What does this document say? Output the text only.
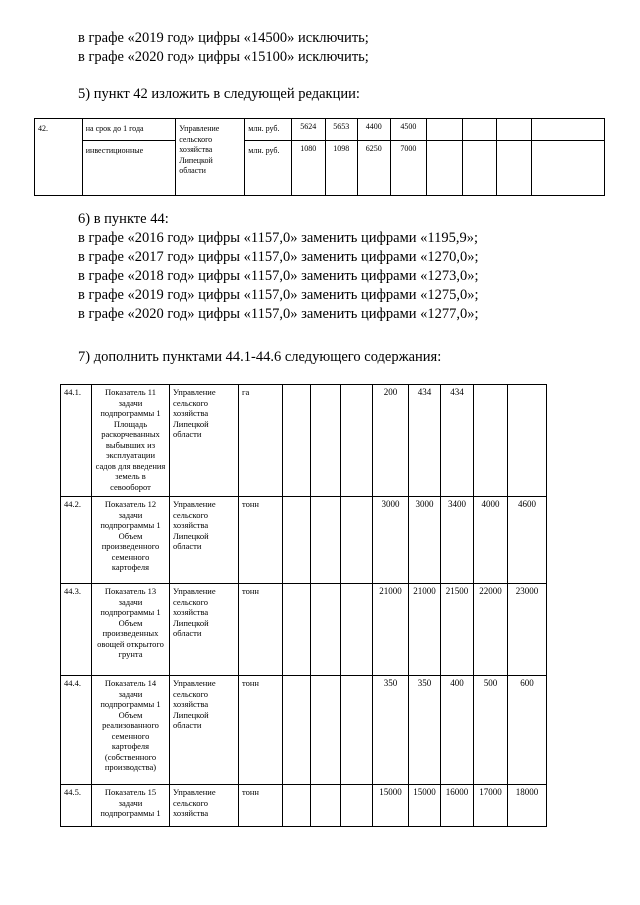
в графе «2019 год» цифры «14500» исключить;
в графе «2020 год» цифры «15100» исключить;
5) пункт 42 изложить в следующей редакции:
42.	на срок до 1 года	Управление сельского хозяйства Липецкой области	млн. руб.	5624	5653	4400	4500				
	инвестиционные		млн. руб.	1080	1098	6250	7000				
6) в пункте 44:
в графе «2016 год» цифры «1157,0» заменить цифрами «1195,9»;
в графе «2017 год» цифры «1157,0» заменить цифрами «1270,0»;
в графе «2018 год» цифры «1157,0» заменить цифрами «1273,0»;
в графе «2019 год» цифры «1157,0» заменить цифрами «1275,0»;
в графе «2020 год» цифры «1157,0» заменить цифрами «1277,0»;
7) дополнить пунктами 44.1-44.6 следующего содержания:
44.1.	Показатель 11 задачи подпрограммы 1 Площадь раскорчеванных выбывших из эксплуатации садов для введения земель в севооборот	Управление сельского хозяйства Липецкой области	га				200	434	434		
44.2.	Показатель 12 задачи подпрограммы 1 Объем произведенного семенного картофеля	Управление сельского хозяйства Липецкой области	тонн				3000	3000	3400	4000	4600
44.3.	Показатель 13 задачи подпрограммы 1 Объем произведенных овощей открытого грунта	Управление сельского хозяйства Липецкой области	тонн				21000	21000	21500	22000	23000
44.4.	Показатель 14 задачи подпрограммы 1 Объем реализованного семенного картофеля (собственного производства)	Управление сельского хозяйства Липецкой области	тонн				350	350	400	500	600
44.5.	Показатель 15 задачи подпрограммы 1	Управление сельского хозяйства	тонн				15000	15000	16000	17000	18000
